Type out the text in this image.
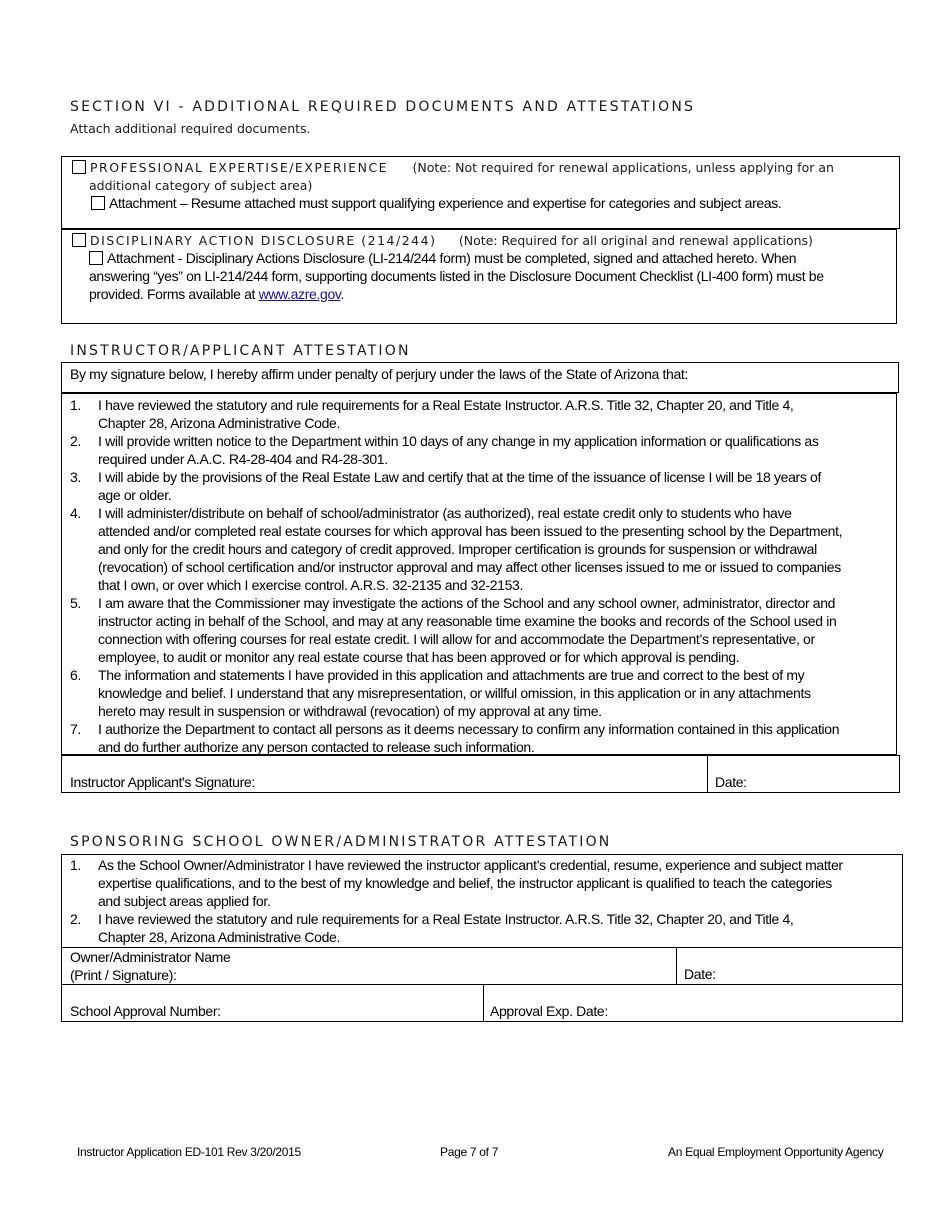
SECTION VI - ADDITIONAL REQUIRED DOCUMENTS AND ATTESTATIONS
Attach additional required documents.
PROFESSIONAL EXPERTISE/EXPERIENCE (Note: Not required for renewal applications, unless applying for an
additional category of subject area)
Attachment – Resume attached must support qualifying experience and expertise for categories and subject areas.
DISCIPLINARY ACTION DISCLOSURE (214/244) (Note: Required for all original and renewal applications)
Attachment - Disciplinary Actions Disclosure (LI-214/244 form) must be completed, signed and attached hereto. When
answering “yes” on LI-214/244 form, supporting documents listed in the Disclosure Document Checklist (LI-400 form) must be
provided. Forms available at www.azre.gov.
INSTRUCTOR/APPLICANT ATTESTATION
By my signature below, I hereby affirm under penalty of perjury under the laws of the State of Arizona that:
1. I have reviewed the statutory and rule requirements for a Real Estate Instructor. A.R.S. Title 32, Chapter 20, and Title 4,
Chapter 28, Arizona Administrative Code.
2. I will provide written notice to the Department within 10 days of any change in my application information or qualifications as
required under A.A.C. R4-28-404 and R4-28-301.
3. I will abide by the provisions of the Real Estate Law and certify that at the time of the issuance of license I will be 18 years of
age or older.
4. I will administer/distribute on behalf of school/administrator (as authorized), real estate credit only to students who have
attended and/or completed real estate courses for which approval has been issued to the presenting school by the Department,
and only for the credit hours and category of credit approved. Improper certification is grounds for suspension or withdrawal
(revocation) of school certification and/or instructor approval and may affect other licenses issued to me or issued to companies
that I own, or over which I exercise control. A.R.S. 32-2135 and 32-2153.
5. I am aware that the Commissioner may investigate the actions of the School and any school owner, administrator, director and
instructor acting in behalf of the School, and may at any reasonable time examine the books and records of the School used in
connection with offering courses for real estate credit. I will allow for and accommodate the Department’s representative, or
employee, to audit or monitor any real estate course that has been approved or for which approval is pending.
6. The information and statements I have provided in this application and attachments are true and correct to the best of my
knowledge and belief. I understand that any misrepresentation, or willful omission, in this application or in any attachments
hereto may result in suspension or withdrawal (revocation) of my approval at any time.
7. I authorize the Department to contact all persons as it deems necessary to confirm any information contained in this application
and do further authorize any person contacted to release such information.
Instructor Applicant's Signature:	Date:
SPONSORING SCHOOL OWNER/ADMINISTRATOR ATTESTATION
1. As the School Owner/Administrator I have reviewed the instructor applicant’s credential, resume, experience and subject matter
expertise qualifications, and to the best of my knowledge and belief, the instructor applicant is qualified to teach the categories
and subject areas applied for.
2. I have reviewed the statutory and rule requirements for a Real Estate Instructor. A.R.S. Title 32, Chapter 20, and Title 4,
Chapter 28, Arizona Administrative Code.
Owner/Administrator Name
(Print / Signature):	Date:
School Approval Number:	Approval Exp. Date:
Instructor Application ED-101 Rev 3/20/2015	Page 7 of 7	An Equal Employment Opportunity Agency
